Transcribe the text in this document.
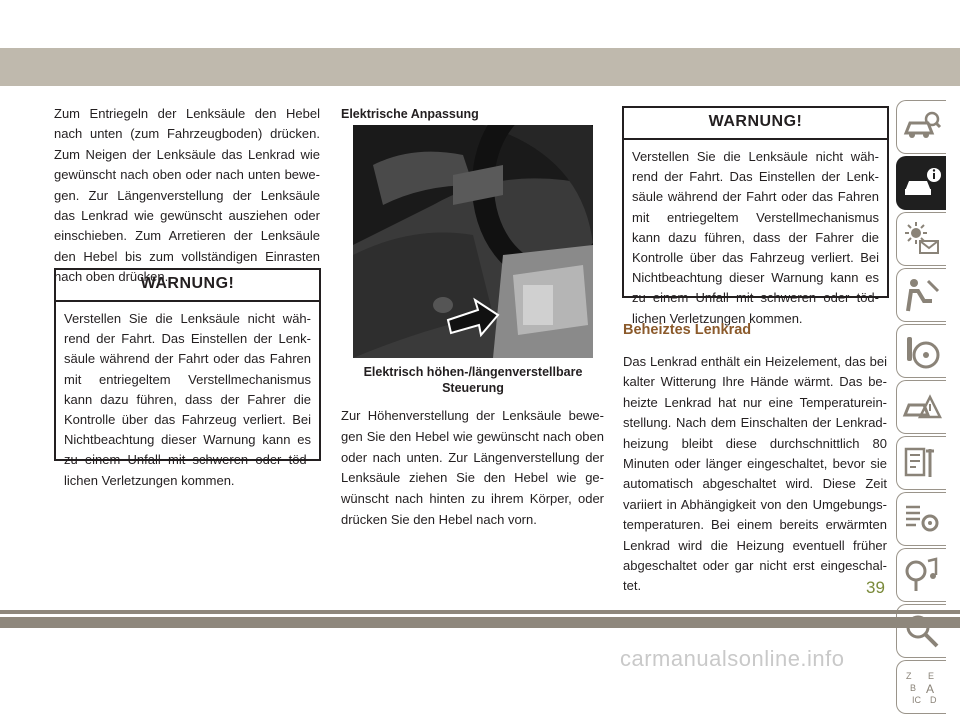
Zum Entriegeln der Lenksäule den Hebel nach unten (zum Fahrzeugboden) drücken. Zum Neigen der Lenksäule das Lenkrad wie gewünscht nach oben oder nach unten bewe-gen. Zur Längenverstellung der Lenksäule das Lenkrad wie gewünscht ausziehen oder einschieben. Zum Arretieren der Lenksäule den Hebel bis zum vollständigen Einrasten nach oben drücken.
WARNUNG!
Verstellen Sie die Lenksäule nicht wäh-rend der Fahrt. Das Einstellen der Lenk-säule während der Fahrt oder das Fahren mit entriegeltem Verstellmechanismus kann dazu führen, dass der Fahrer die Kontrolle über das Fahrzeug verliert. Bei Nichtbeachtung dieser Warnung kann es zu einem Unfall mit schweren oder töd-lichen Verletzungen kommen.
Elektrische Anpassung
Elektrisch höhen-/längenverstellbare Steuerung
Zur Höhenverstellung der Lenksäule bewe-gen Sie den Hebel wie gewünscht nach oben oder nach unten. Zur Längenverstellung der Lenksäule ziehen Sie den Hebel wie ge-wünscht nach hinten zu ihrem Körper, oder drücken Sie den Hebel nach vorn.
WARNUNG!
Verstellen Sie die Lenksäule nicht wäh-rend der Fahrt. Das Einstellen der Lenk-säule während der Fahrt oder das Fahren mit entriegeltem Verstellmechanismus kann dazu führen, dass der Fahrer die Kontrolle über das Fahrzeug verliert. Bei Nichtbeachtung dieser Warnung kann es zu einem Unfall mit schweren oder töd-lichen Verletzungen kommen.
Beheiztes Lenkrad
Das Lenkrad enthält ein Heizelement, das bei kalter Witterung Ihre Hände wärmt. Das be-heizte Lenkrad hat nur eine Temperaturein-stellung. Nach dem Einschalten der Lenkrad-heizung bleibt diese durchschnittlich 80 Minuten oder länger eingeschaltet, bevor sie automatisch abgeschaltet wird. Diese Zeit variiert in Abhängigkeit von den Umgebungs-temperaturen. Bei einem bereits erwärmten Lenkrad wird die Heizung eventuell früher abgeschaltet oder gar nicht erst eingeschal-tet.
Z E
B A
IC D
39
carmanualsonline.info
